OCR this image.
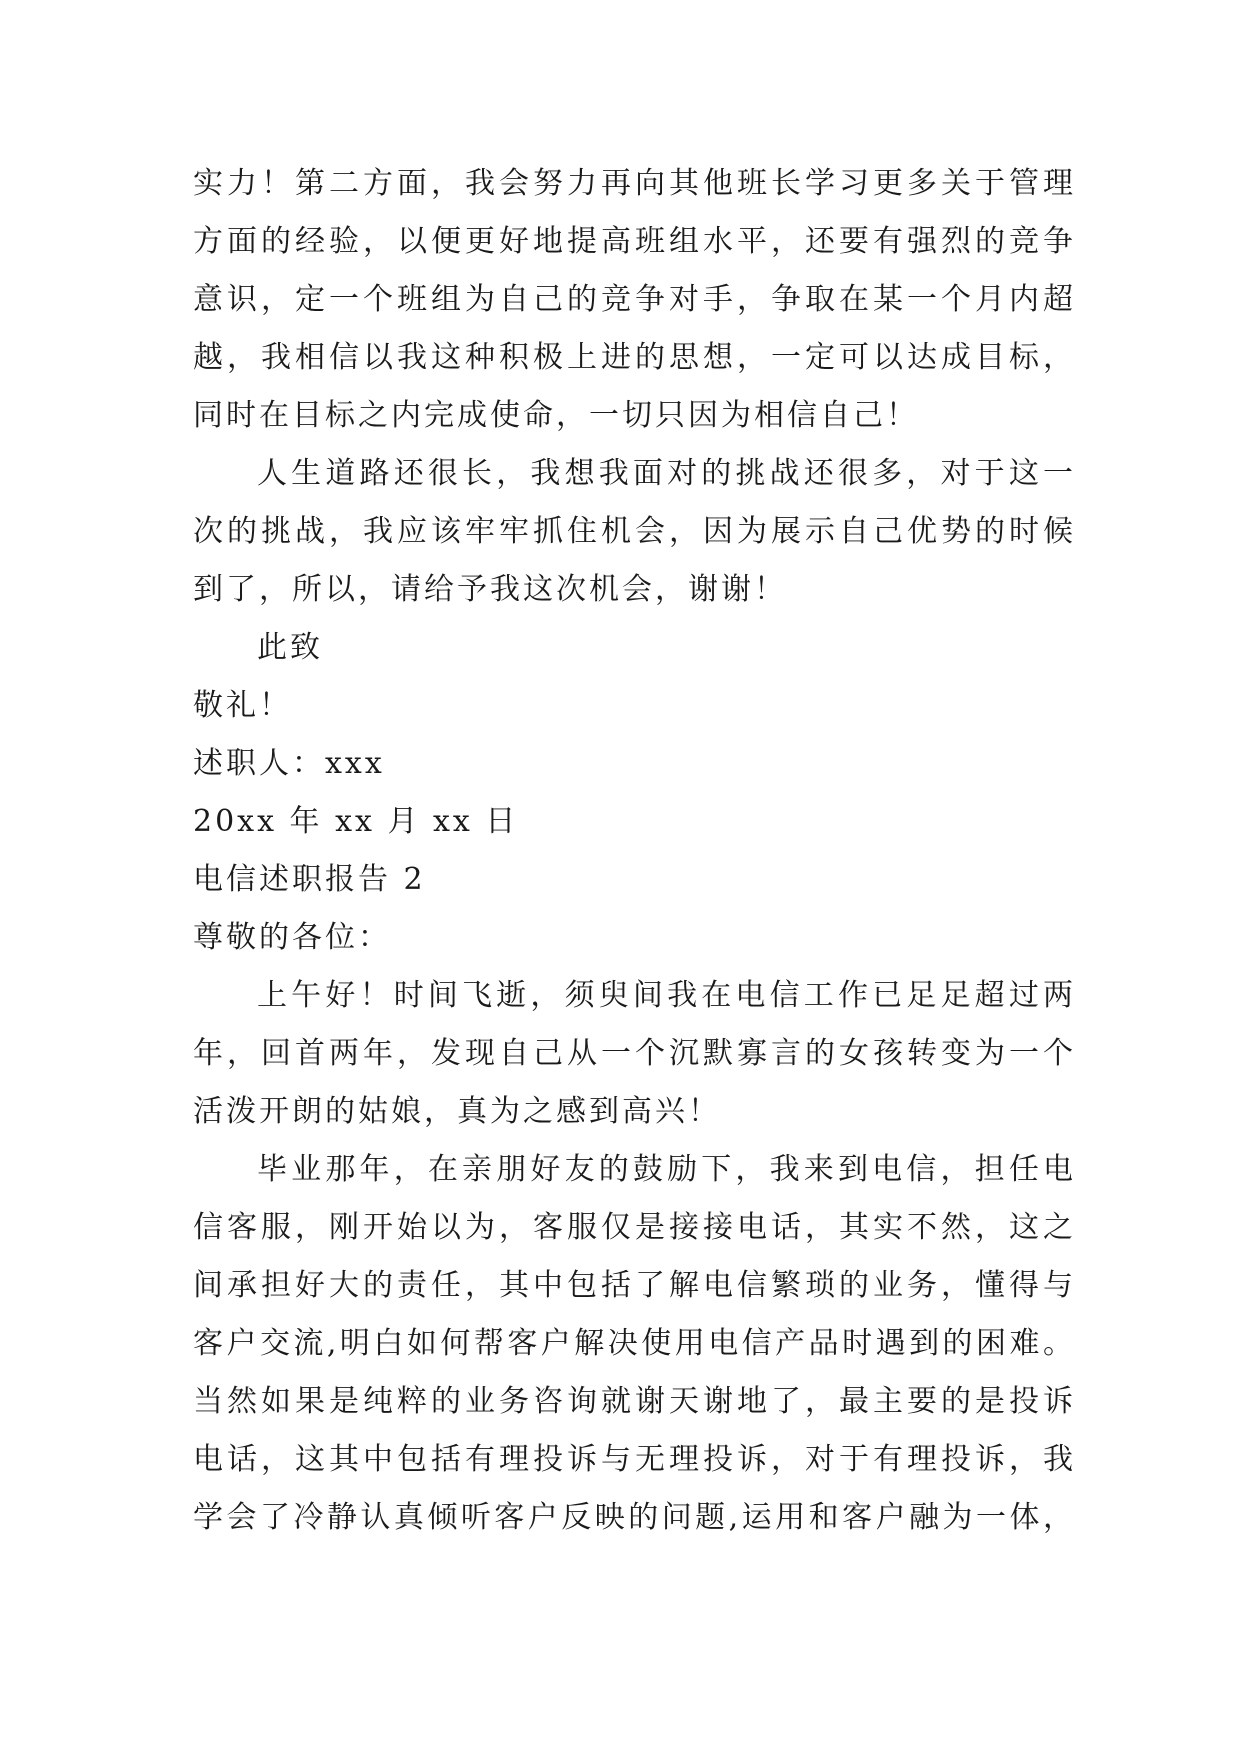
实力！第二方面，我会努力再向其他班长学习更多关于管理
方面的经验，以便更好地提高班组水平，还要有强烈的竞争
意识，定一个班组为自己的竞争对手，争取在某一个月内超
越，我相信以我这种积极上进的思想，一定可以达成目标，
同时在目标之内完成使命，一切只因为相信自己！
人生道路还很长，我想我面对的挑战还很多，对于这一
次的挑战，我应该牢牢抓住机会，因为展示自己优势的时候
到了，所以，请给予我这次机会，谢谢！
此致
敬礼！
述职人：xxx
20xx 年 xx 月 xx 日
电信述职报告 2
尊敬的各位：
上午好！时间飞逝，须臾间我在电信工作已足足超过两
年，回首两年，发现自己从一个沉默寡言的女孩转变为一个
活泼开朗的姑娘，真为之感到高兴！
毕业那年，在亲朋好友的鼓励下，我来到电信，担任电
信客服，刚开始以为，客服仅是接接电话，其实不然，这之
间承担好大的责任，其中包括了解电信繁琐的业务，懂得与
客户交流,明白如何帮客户解决使用电信产品时遇到的困难。
当然如果是纯粹的业务咨询就谢天谢地了，最主要的是投诉
电话，这其中包括有理投诉与无理投诉，对于有理投诉，我
学会了冷静认真倾听客户反映的问题,运用和客户融为一体，
